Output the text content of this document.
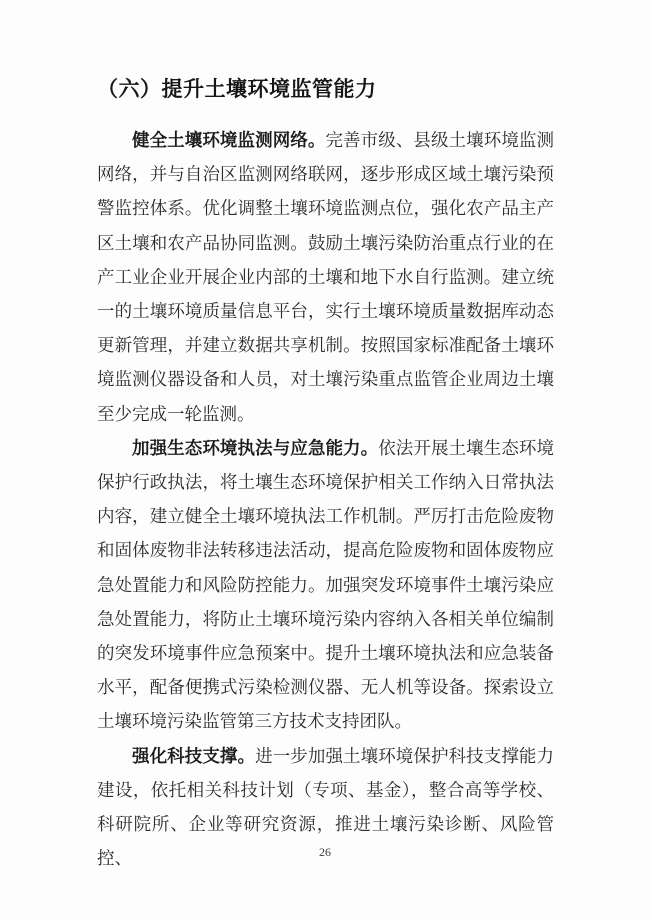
（六）提升土壤环境监管能力

健全土壤环境监测网络。完善市级、县级土壤环境监测网络，并与自治区监测网络联网，逐步形成区域土壤污染预警监控体系。优化调整土壤环境监测点位，强化农产品主产区土壤和农产品协同监测。鼓励土壤污染防治重点行业的在产工业企业开展企业内部的土壤和地下水自行监测。建立统一的土壤环境质量信息平台，实行土壤环境质量数据库动态更新管理，并建立数据共享机制。按照国家标准配备土壤环境监测仪器设备和人员，对土壤污染重点监管企业周边土壤至少完成一轮监测。

加强生态环境执法与应急能力。依法开展土壤生态环境保护行政执法，将土壤生态环境保护相关工作纳入日常执法内容，建立健全土壤环境执法工作机制。严厉打击危险废物和固体废物非法转移违法活动，提高危险废物和固体废物应急处置能力和风险防控能力。加强突发环境事件土壤污染应急处置能力，将防止土壤环境污染内容纳入各相关单位编制的突发环境事件应急预案中。提升土壤环境执法和应急装备水平，配备便携式污染检测仪器、无人机等设备。探索设立土壤环境污染监管第三方技术支持团队。

强化科技支撑。进一步加强土壤环境保护科技支撑能力建设，依托相关科技计划（专项、基金），整合高等学校、科研院所、企业等研究资源，推进土壤污染诊断、风险管控、	26
